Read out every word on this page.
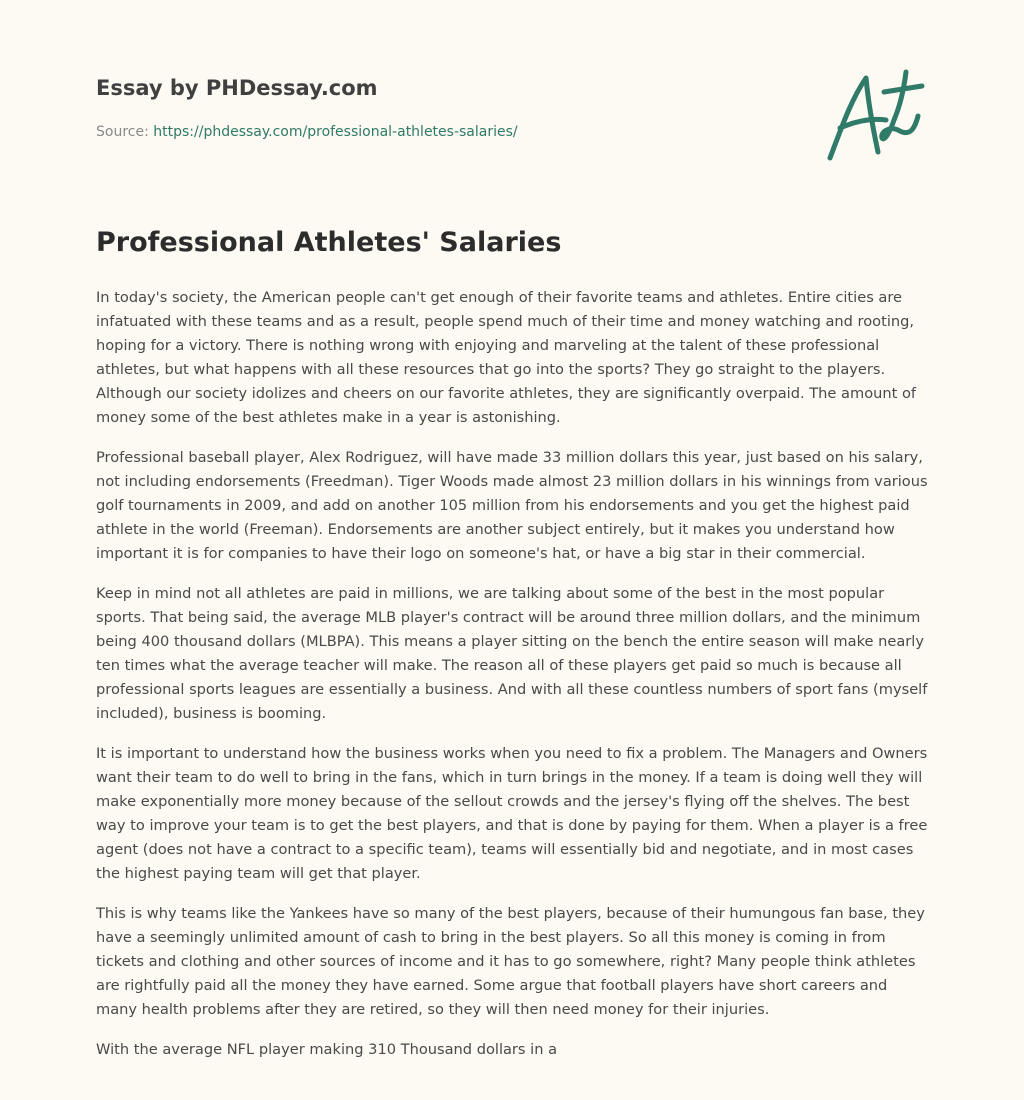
Essay by PHDessay.com
Source: https://phdessay.com/professional-athletes-salaries/
Professional Athletes' Salaries

In today's society, the American people can't get enough of their favorite teams and athletes. Entire cities are infatuated with these teams and as a result, people spend much of their time and money watching and rooting, hoping for a victory. There is nothing wrong with enjoying and marveling at the talent of these professional athletes, but what happens with all these resources that go into the sports? They go straight to the players. Although our society idolizes and cheers on our favorite athletes, they are significantly overpaid. The amount of money some of the best athletes make in a year is astonishing.

Professional baseball player, Alex Rodriguez, will have made 33 million dollars this year, just based on his salary, not including endorsements (Freedman). Tiger Woods made almost 23 million dollars in his winnings from various golf tournaments in 2009, and add on another 105 million from his endorsements and you get the highest paid athlete in the world (Freeman). Endorsements are another subject entirely, but it makes you understand how important it is for companies to have their logo on someone's hat, or have a big star in their commercial.

Keep in mind not all athletes are paid in millions, we are talking about some of the best in the most popular sports. That being said, the average MLB player's contract will be around three million dollars, and the minimum being 400 thousand dollars (MLBPA). This means a player sitting on the bench the entire season will make nearly ten times what the average teacher will make. The reason all of these players get paid so much is because all professional sports leagues are essentially a business. And with all these countless numbers of sport fans (myself included), business is booming.

It is important to understand how the business works when you need to fix a problem. The Managers and Owners want their team to do well to bring in the fans, which in turn brings in the money. If a team is doing well they will make exponentially more money because of the sellout crowds and the jersey's flying off the shelves. The best way to improve your team is to get the best players, and that is done by paying for them. When a player is a free agent (does not have a contract to a specific team), teams will essentially bid and negotiate, and in most cases the highest paying team will get that player.

This is why teams like the Yankees have so many of the best players, because of their humungous fan base, they have a seemingly unlimited amount of cash to bring in the best players. So all this money is coming in from tickets and clothing and other sources of income and it has to go somewhere, right? Many people think athletes are rightfully paid all the money they have earned. Some argue that football players have short careers and many health problems after they are retired, so they will then need money for their injuries.

With the average NFL player making 310 Thousand dollars in a
